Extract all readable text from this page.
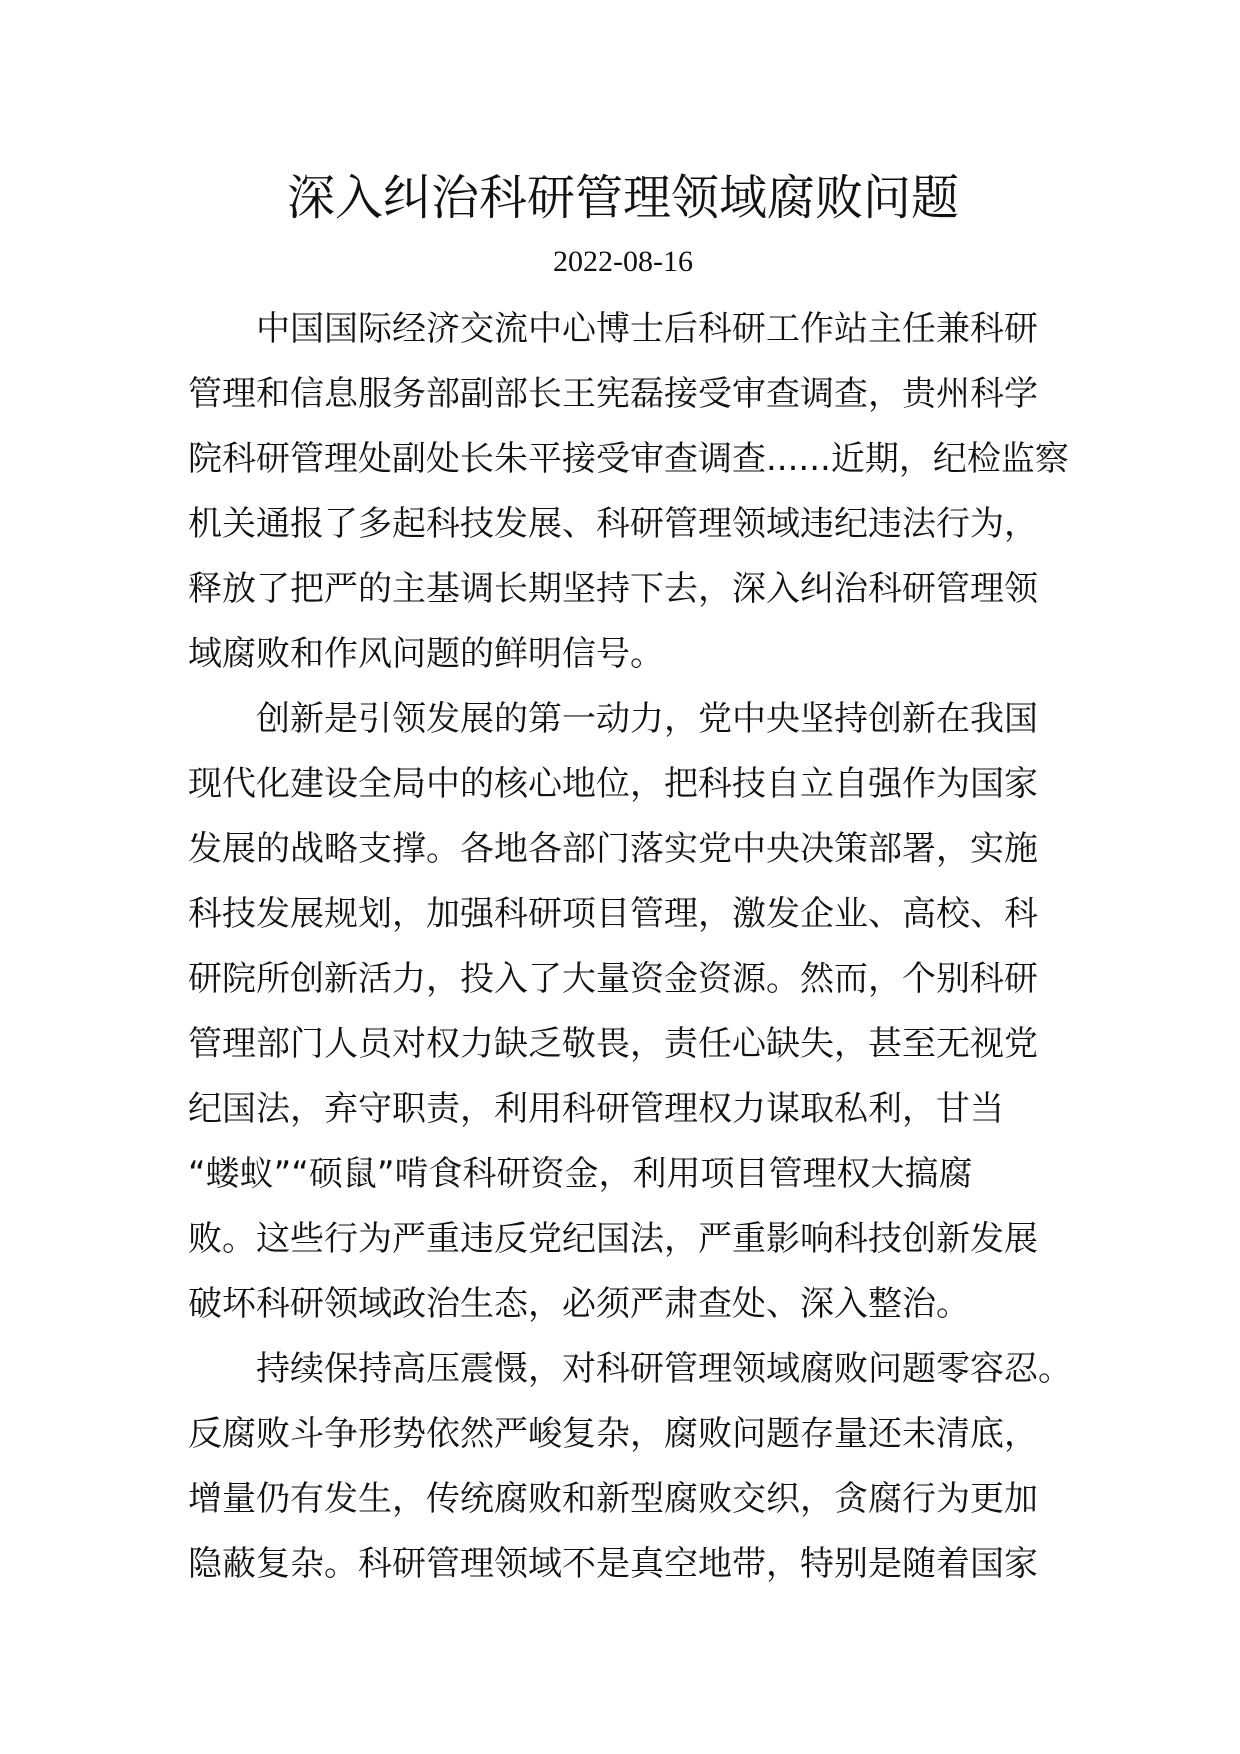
深入纠治科研管理领域腐败问题
2022-08-16

中国国际经济交流中心博士后科研工作站主任兼科研
管理和信息服务部副部长王宪磊接受审查调查，贵州科学
院科研管理处副处长朱平接受审查调查......近期，纪检监察
机关通报了多起科技发展、科研管理领域违纪违法行为，
释放了把严的主基调长期坚持下去，深入纠治科研管理领
域腐败和作风问题的鲜明信号。

创新是引领发展的第一动力，党中央坚持创新在我国
现代化建设全局中的核心地位，把科技自立自强作为国家
发展的战略支撑。各地各部门落实党中央决策部署，实施
科技发展规划，加强科研项目管理，激发企业、高校、科
研院所创新活力，投入了大量资金资源。然而，个别科研
管理部门人员对权力缺乏敬畏，责任心缺失，甚至无视党
纪国法，弃守职责，利用科研管理权力谋取私利，甘当
“蝼蚁”“硕鼠”啃食科研资金，利用项目管理权大搞腐
败。这些行为严重违反党纪国法，严重影响科技创新发展
破坏科研领域政治生态，必须严肃查处、深入整治。

持续保持高压震慑，对科研管理领域腐败问题零容忍。
反腐败斗争形势依然严峻复杂，腐败问题存量还未清底，
增量仍有发生，传统腐败和新型腐败交织，贪腐行为更加
隐蔽复杂。科研管理领域不是真空地带，特别是随着国家
